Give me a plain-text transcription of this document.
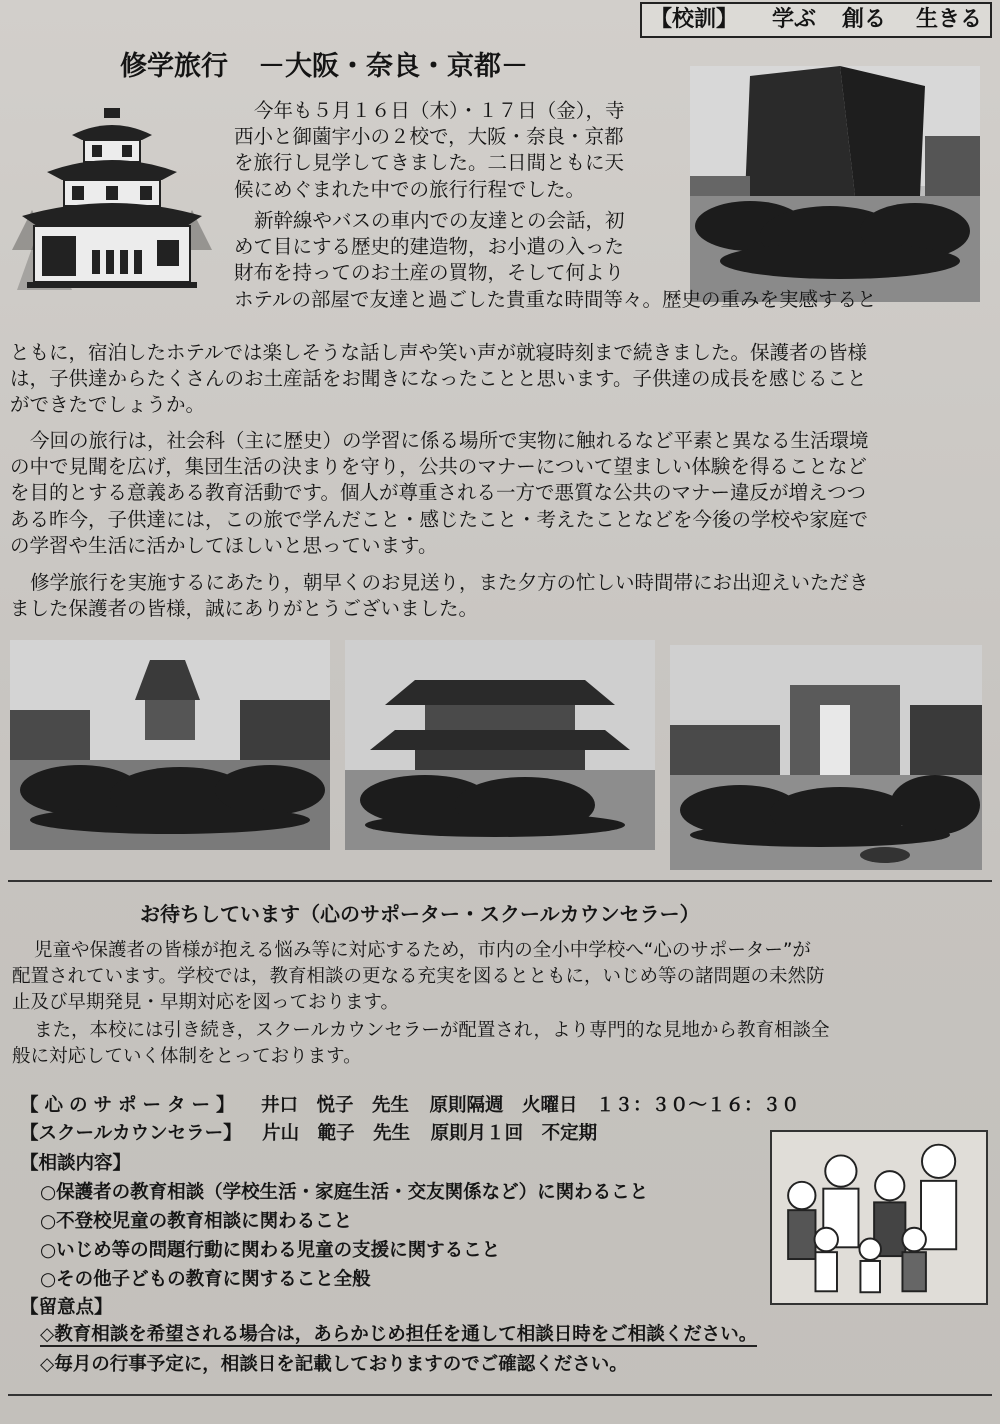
【校訓】 学ぶ 創る 生きる
修学旅行 －大阪・奈良・京都－
今年も５月１６日（木）・１７日（金），寺
西小と御薗宇小の２校で，大阪・奈良・京都
を旅行し見学してきました。二日間ともに天
候にめぐまれた中での旅行行程でした。
新幹線やバスの車内での友達との会話，初
めて目にする歴史的建造物，お小遣の入った
財布を持ってのお土産の買物，そして何より
ホテルの部屋で友達と過ごした貴重な時間等々。歴史の重みを実感すると
ともに，宿泊したホテルでは楽しそうな話し声や笑い声が就寝時刻まで続きました。保護者の皆様
は，子供達からたくさんのお土産話をお聞きになったことと思います。子供達の成長を感じること
ができたでしょうか。
今回の旅行は，社会科（主に歴史）の学習に係る場所で実物に触れるなど平素と異なる生活環境
の中で見聞を広げ，集団生活の決まりを守り，公共のマナーについて望ましい体験を得ることなど
を目的とする意義ある教育活動です。個人が尊重される一方で悪質な公共のマナー違反が増えつつ
ある昨今，子供達には，この旅で学んだこと・感じたこと・考えたことなどを今後の学校や家庭で
の学習や生活に活かしてほしいと思っています。
修学旅行を実施するにあたり，朝早くのお見送り，また夕方の忙しい時間帯にお出迎えいただき
ました保護者の皆様，誠にありがとうございました。
お待ちしています（心のサポーター・スクールカウンセラー）
児童や保護者の皆様が抱える悩み等に対応するため，市内の全小中学校へ“心のサポーター”が
配置されています。学校では，教育相談の更なる充実を図るとともに，いじめ等の諸問題の未然防
止及び早期発見・早期対応を図っております。
また，本校には引き続き，スクールカウンセラーが配置され，より専門的な見地から教育相談全
般に対応していく体制をとっております。
【心のサポーター】 井口　悦子　先生 原則隔週　火曜日　１３：３０～１６：３０
【スクールカウンセラー】 片山　範子　先生 原則月１回　不定期
【相談内容】
○保護者の教育相談（学校生活・家庭生活・交友関係など）に関わること
○不登校児童の教育相談に関わること
○いじめ等の問題行動に関わる児童の支援に関すること
○その他子どもの教育に関すること全般
【留意点】
◇教育相談を希望される場合は，あらかじめ担任を通して相談日時をご相談ください。
◇毎月の行事予定に，相談日を記載しておりますのでご確認ください。
